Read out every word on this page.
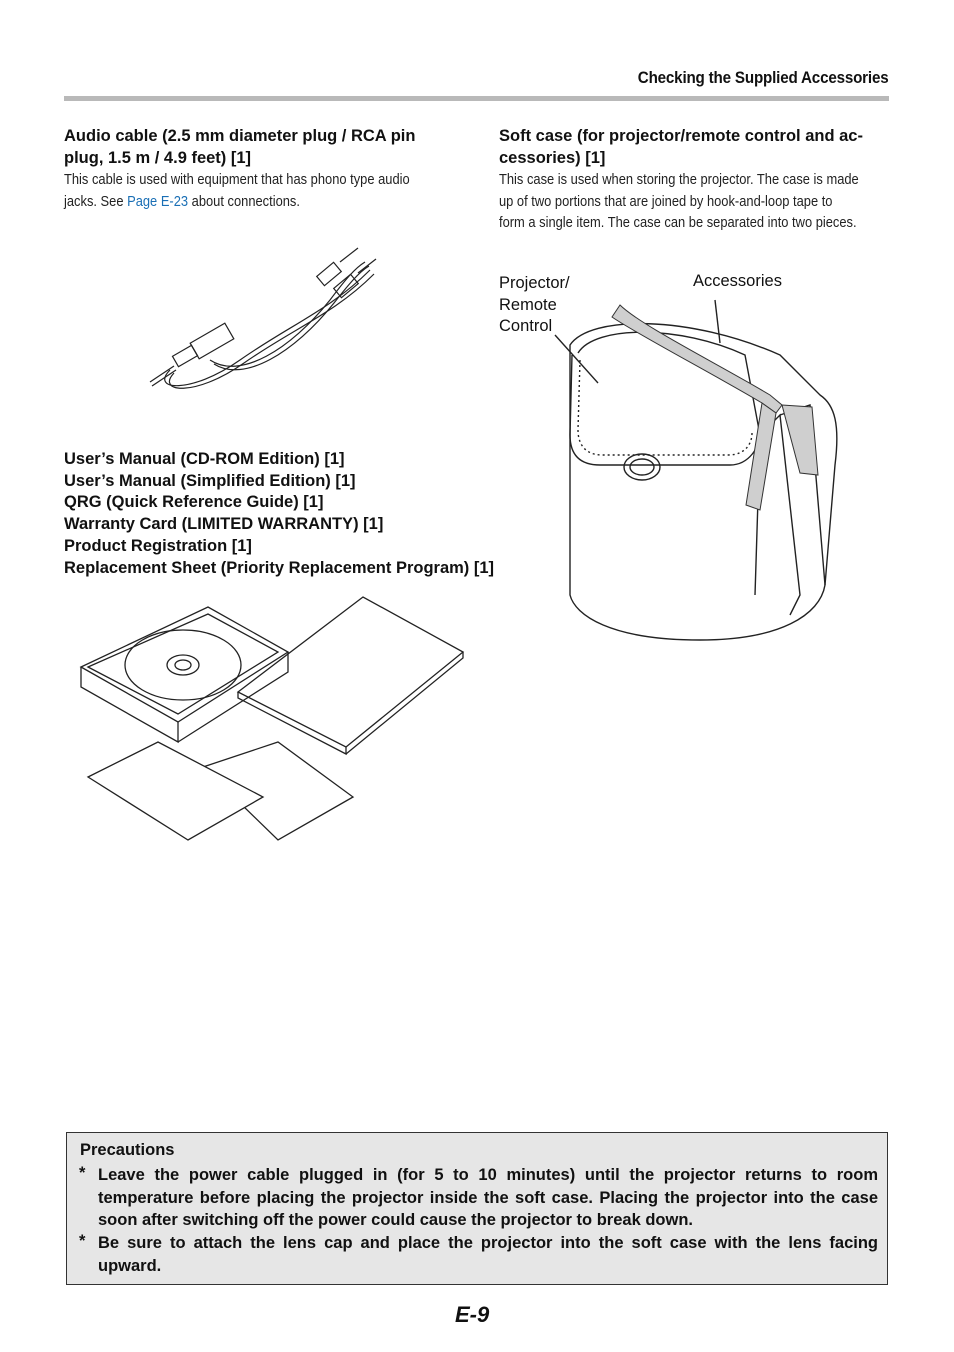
Checking the Supplied Accessories
Audio cable (2.5 mm diameter plug / RCA pin
plug, 1.5 m / 4.9 feet) [1]
This cable is used with equipment that has phono type audio
jacks. See Page E-23 about connections.
Soft case (for projector/remote control and ac-
cessories) [1]
This case is used when storing the projector. The case is made
up of two portions that are joined by hook-and-loop tape to
form a single item. The case can be separated into two pieces.
Projector/
Remote
Control
Accessories
User’s Manual (CD-ROM Edition) [1]
User’s Manual (Simplified Edition) [1]
QRG (Quick Reference Guide) [1]
Warranty Card (LIMITED WARRANTY) [1]
Product Registration [1]
Replacement Sheet (Priority Replacement Program) [1]
Precautions
* Leave the power cable plugged in (for 5 to 10 minutes) until the projector returns to room temperature before placing the projector inside the soft case. Placing the projector into the case soon after switching off the power could cause the projector to break down.
* Be sure to attach the lens cap and place the projector into the soft case with the lens facing upward.
E-9
